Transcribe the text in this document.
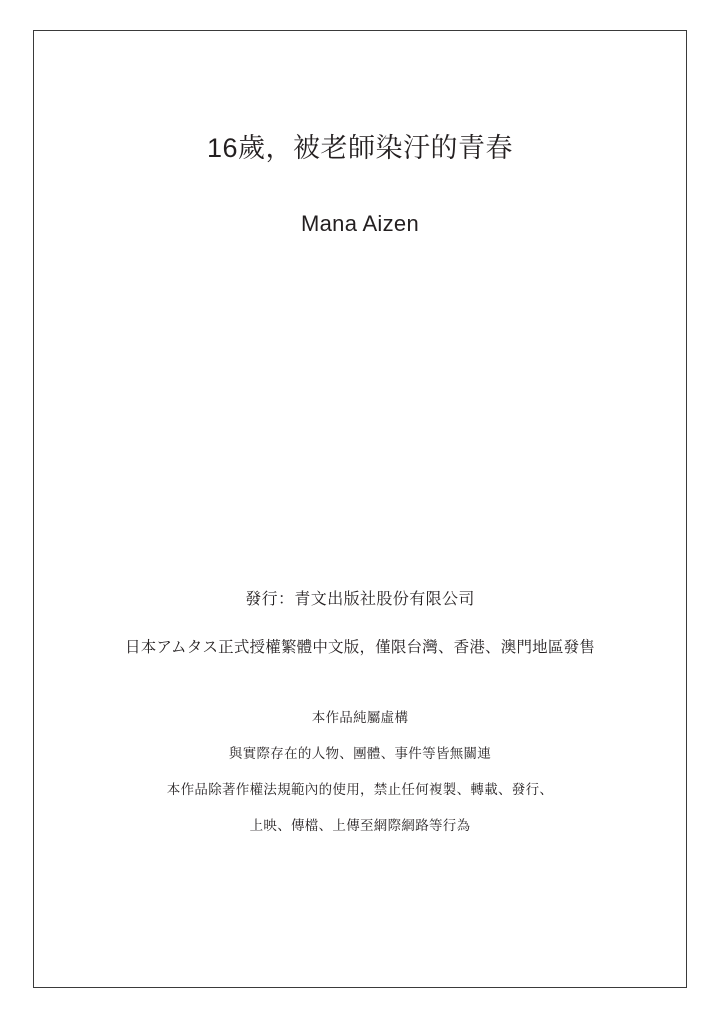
16歲，被老師染汙的青春

Mana Aizen

發行：青文出版社股份有限公司

日本アムタス正式授權繁體中文版，僅限台灣、香港、澳門地區發售

本作品純屬虛構

與實際存在的人物、團體、事件等皆無關連

本作品除著作權法規範內的使用，禁止任何複製、轉載、發行、

上映、傳檔、上傳至網際網路等行為
